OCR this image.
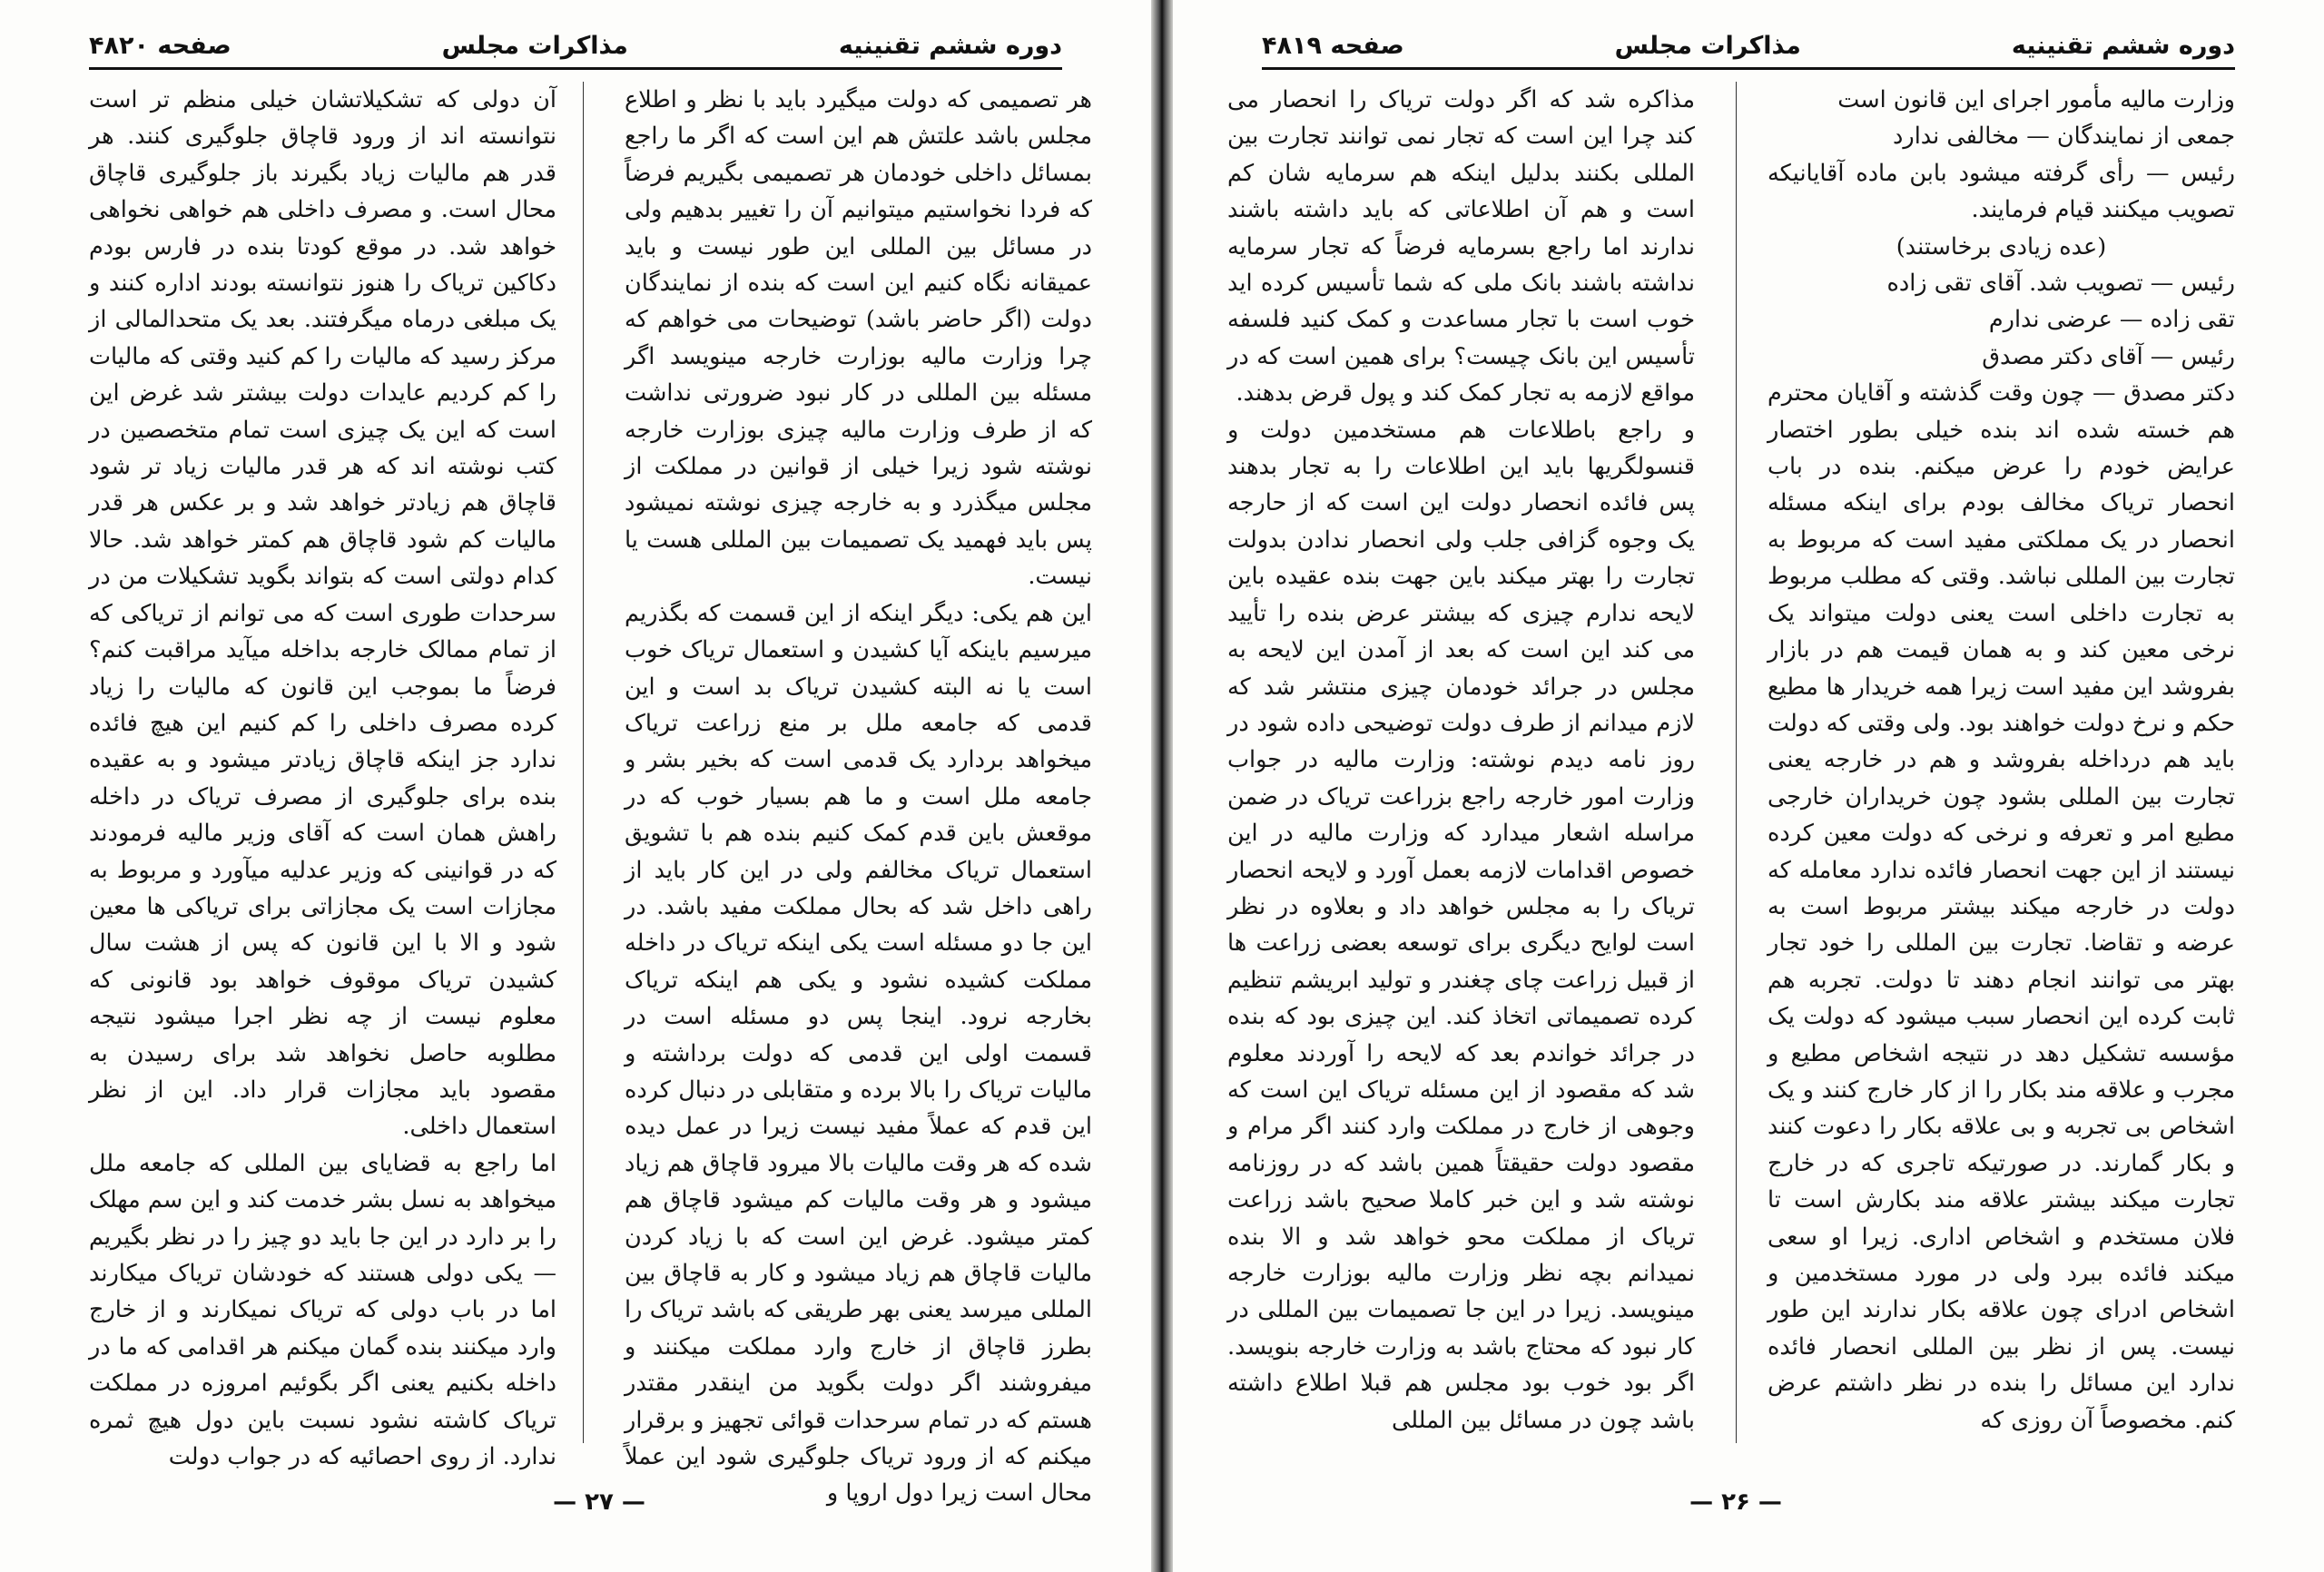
دوره ششم تقنینیه
مذاکرات مجلس
صفحه ۴۸۲۰

هر تصمیمی که دولت میگیرد باید با نظر و اطلاع مجلس باشد علتش هم این است که اگر ما راجع بمسائل داخلی خودمان هر تصمیمی بگیریم فرضاً که فردا نخواستیم میتوانیم آن را تغییر بدهیم ولی در مسائل بین المللی این طور نیست و باید عمیقانه نگاه کنیم این است که بنده از نمایندگان دولت (اگر حاضر باشد) توضیحات می خواهم که چرا وزارت مالیه بوزارت خارجه مینویسد اگر مسئله بین المللی در کار نبود ضرورتی نداشت که از طرف وزارت مالیه چیزی بوزارت خارجه نوشته شود زیرا خیلی از قوانین در مملکت از مجلس میگذرد و به خارجه چیزی نوشته نمیشود پس باید فهمید یک تصمیمات بین المللی هست یا نیست.

این هم یکی: دیگر اینکه از این قسمت که بگذریم میرسیم باینکه آیا کشیدن و استعمال تریاک خوب است یا نه البته کشیدن تریاک بد است و این قدمی که جامعه ملل بر منع زراعت تریاک میخواهد بردارد یک قدمی است که بخیر بشر و جامعه ملل است و ما هم بسیار خوب که در موقعش باین قدم کمک کنیم بنده هم با تشویق استعمال تریاک مخالفم ولی در این کار باید از راهی داخل شد که بحال مملکت مفید باشد. در این جا دو مسئله است یکی اینکه تریاک در داخله مملکت کشیده نشود و یکی هم اینکه تریاک بخارجه نرود. اینجا پس دو مسئله است در قسمت اولی این قدمی که دولت برداشته و مالیات تریاک را بالا برده و متقابلی در دنبال کرده این قدم که عملاً مفید نیست زیرا در عمل دیده شده که هر وقت مالیات بالا میرود قاچاق هم زیاد میشود و هر وقت مالیات کم میشود قاچاق هم کمتر میشود. غرض این است که با زیاد کردن مالیات قاچاق هم زیاد میشود و کار به قاچاق بین المللی میرسد یعنی بهر طریقی که باشد تریاک را بطرز قاچاق از خارج وارد مملکت میکنند و میفروشند اگر دولت بگوید من اینقدر مقتدر هستم که در تمام سرحدات قوائی تجهیز و برقرار میکنم که از ورود تریاک جلوگیری شود این عملاً محال است زیرا دول اروپا و

آن دولی که تشکیلاتشان خیلی منظم تر است نتوانسته اند از ورود قاچاق جلوگیری کنند. هر قدر هم مالیات زیاد بگیرند باز جلوگیری قاچاق محال است. و مصرف داخلی هم خواهی نخواهی خواهد شد. در موقع کودتا بنده در فارس بودم دکاکین تریاک را هنوز نتوانسته بودند اداره کنند و یک مبلغی درماه میگرفتند. بعد یک متحدالمالی از مرکز رسید که مالیات را کم کنید وقتی که مالیات را کم کردیم عایدات دولت بیشتر شد غرض این است که این یک چیزی است تمام متخصصین در کتب نوشته اند که هر قدر مالیات زیاد تر شود قاچاق هم زیادتر خواهد شد و بر عکس هر قدر مالیات کم شود قاچاق هم کمتر خواهد شد. حالا کدام دولتی است که بتواند بگوید تشکیلات من در سرحدات طوری است که می توانم از تریاکی که از تمام ممالک خارجه بداخله میآید مراقبت کنم؟ فرضاً ما بموجب این قانون که مالیات را زیاد کرده مصرف داخلی را کم کنیم این هیچ فائده ندارد جز اینکه قاچاق زیادتر میشود و به عقیده بنده برای جلوگیری از مصرف تریاک در داخله راهش همان است که آقای وزیر مالیه فرمودند که در قوانینی که وزیر عدلیه میآورد و مربوط به مجازات است یک مجازاتی برای تریاکی ها معین شود و الا با این قانون که پس از هشت سال کشیدن تریاک موقوف خواهد بود قانونی که معلوم نیست از چه نظر اجرا میشود نتیجه مطلوبه حاصل نخواهد شد برای رسیدن به مقصود باید مجازات قرار داد. این از نظر استعمال داخلی.

اما راجع به قضایای بین المللی که جامعه ملل میخواهد به نسل بشر خدمت کند و این سم مهلک را بر دارد در این جا باید دو چیز را در نظر بگیریم — یکی دولی هستند که خودشان تریاک میکارند اما در باب دولی که تریاک نمیکارند و از خارج وارد میکنند بنده گمان میکنم هر اقدامی که ما در داخله بکنیم یعنی اگر بگوئیم امروزه در مملکت تریاک کاشته نشود نسبت باین دول هیچ ثمره ندارد. از روی احصائیه که در جواب دولت

— ۲۷ —
دوره ششم تقنینیه
مذاکرات مجلس
صفحه ۴۸۱۹

وزارت مالیه مأمور اجرای این قانون است

جمعی از نمایندگان — مخالفی ندارد

رئیس — رأی گرفته میشود بابن ماده آقایانیکه تصویب میکنند قیام فرمایند.

(عده زیادی برخاستند)

رئیس — تصویب شد. آقای تقی زاده

تقی زاده — عرضی ندارم

رئیس — آقای دکتر مصدق

دکتر مصدق — چون وقت گذشته و آقایان محترم هم خسته شده اند بنده خیلی بطور اختصار عرایض خودم را عرض میکنم. بنده در باب انحصار تریاک مخالف بودم برای اینکه مسئله انحصار در یک مملکتی مفید است که مربوط به تجارت بین المللی نباشد. وقتی که مطلب مربوط به تجارت داخلی است یعنی دولت میتواند یک نرخی معین کند و به همان قیمت هم در بازار بفروشد این مفید است زیرا همه خریدار ها مطیع حکم و نرخ دولت خواهند بود. ولی وقتی که دولت باید هم درداخله بفروشد و هم در خارجه یعنی تجارت بین المللی بشود چون خریداران خارجی مطیع امر و تعرفه و نرخی که دولت معین کرده نیستند از این جهت انحصار فائده ندارد معامله که دولت در خارجه میکند بیشتر مربوط است به عرضه و تقاضا. تجارت بین المللی را خود تجار بهتر می توانند انجام دهند تا دولت. تجربه هم ثابت کرده این انحصار سبب میشود که دولت یک مؤسسه تشکیل دهد در نتیجه اشخاص مطیع و مجرب و علاقه مند بکار را از کار خارج کنند و یک اشخاص بی تجربه و بی علاقه بکار را دعوت کنند و بکار گمارند. در صورتیکه تاجری که در خارج تجارت میکند بیشتر علاقه مند بکارش است تا فلان مستخدم و اشخاص اداری. زیرا او سعی میکند فائده ببرد ولی در مورد مستخدمین و اشخاص ادرای چون علاقه بکار ندارند این طور نیست. پس از نظر بین المللی انحصار فائده ندارد این مسائل را بنده در نظر داشتم عرض کنم. مخصوصاً آن روزی که

مذاکره شد که اگر دولت تریاک را انحصار می کند چرا این است که تجار نمی توانند تجارت بین المللی بکنند بدلیل اینکه هم سرمایه شان کم است و هم آن اطلاعاتی که باید داشته باشند ندارند اما راجع بسرمایه فرضاً که تجار سرمایه نداشته باشند بانک ملی که شما تأسیس کرده اید خوب است با تجار مساعدت و کمک کنید فلسفه تأسیس این بانک چیست؟ برای همین است که در مواقع لازمه به تجار کمک کند و پول قرض بدهند.

و راجع باطلاعات هم مستخدمین دولت و قنسولگریها باید این اطلاعات را به تجار بدهند پس فائده انحصار دولت این است که از حارجه یک وجوه گزافی جلب ولی انحصار ندادن بدولت تجارت را بهتر میکند باین جهت بنده عقیده باین لایحه ندارم چیزی که بیشتر عرض بنده را تأیید می کند این است که بعد از آمدن این لایحه به مجلس در جرائد خودمان چیزی منتشر شد که لازم میدانم از طرف دولت توضیحی داده شود در روز نامه دیدم نوشته: وزارت مالیه در جواب وزارت امور خارجه راجع بزراعت تریاک در ضمن مراسله اشعار میدارد که وزارت مالیه در این خصوص اقدامات لازمه بعمل آورد و لایحه انحصار تریاک را به مجلس خواهد داد و بعلاوه در نظر است لوایح دیگری برای توسعه بعضی زراعت ها از قبیل زراعت چای چغندر و تولید ابریشم تنظیم کرده تصمیماتی اتخاذ کند. این چیزی بود که بنده در جرائد خواندم بعد که لایحه را آوردند معلوم شد که مقصود از این مسئله تریاک این است که وجوهی از خارج در مملکت وارد کنند اگر مرام و مقصود دولت حقیقتاً همین باشد که در روزنامه نوشته شد و این خبر کاملا صحیح باشد زراعت تریاک از مملکت محو خواهد شد و الا بنده نمیدانم بچه نظر وزارت مالیه بوزارت خارجه مینویسد. زیرا در این جا تصمیمات بین المللی در کار نبود که محتاج باشد به وزارت خارجه بنویسد. اگر بود خوب بود مجلس هم قبلا اطلاع داشته باشد چون در مسائل بین المللی

— ۲۶ —
